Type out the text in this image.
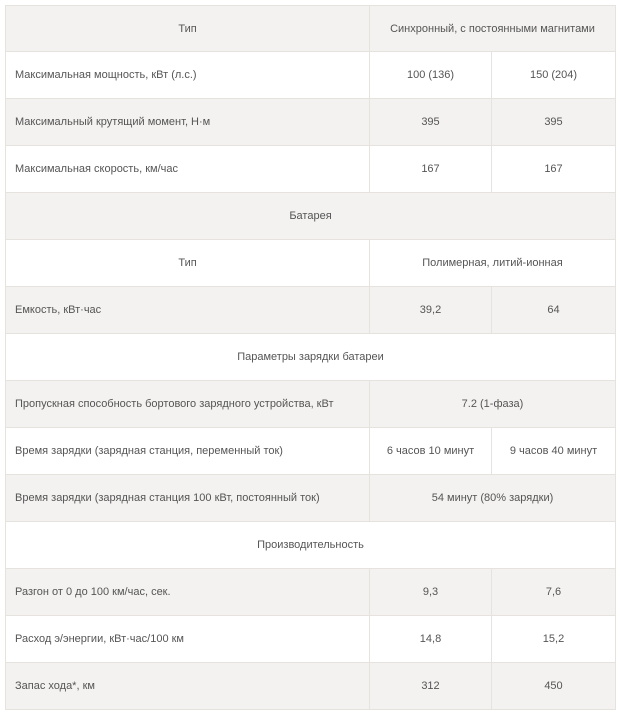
Тип	Синхронный, с постоянными магнитами	
Максимальная мощность, кВт (л.с.)	100 (136)	150 (204)
Максимальный крутящий момент, Н·м	395	395
Максимальная скорость, км/час	167	167
Батарея		
Тип	Полимерная, литий-ионная	
Емкость, кВт·час	39,2	64
Параметры зарядки батареи		
Пропускная способность бортового зарядного устройства, кВт	7.2 (1-фаза)	
Время зарядки (зарядная станция, переменный ток)	6 часов 10 минут	9 часов 40 минут
Время зарядки (зарядная станция 100 кВт, постоянный ток)	54 минут (80% зарядки)	
Производительность		
Разгон от 0 до 100 км/час, сек.	9,3	7,6
Расход э/энергии, кВт·час/100 км	14,8	15,2
Запас хода*, км	312	450
